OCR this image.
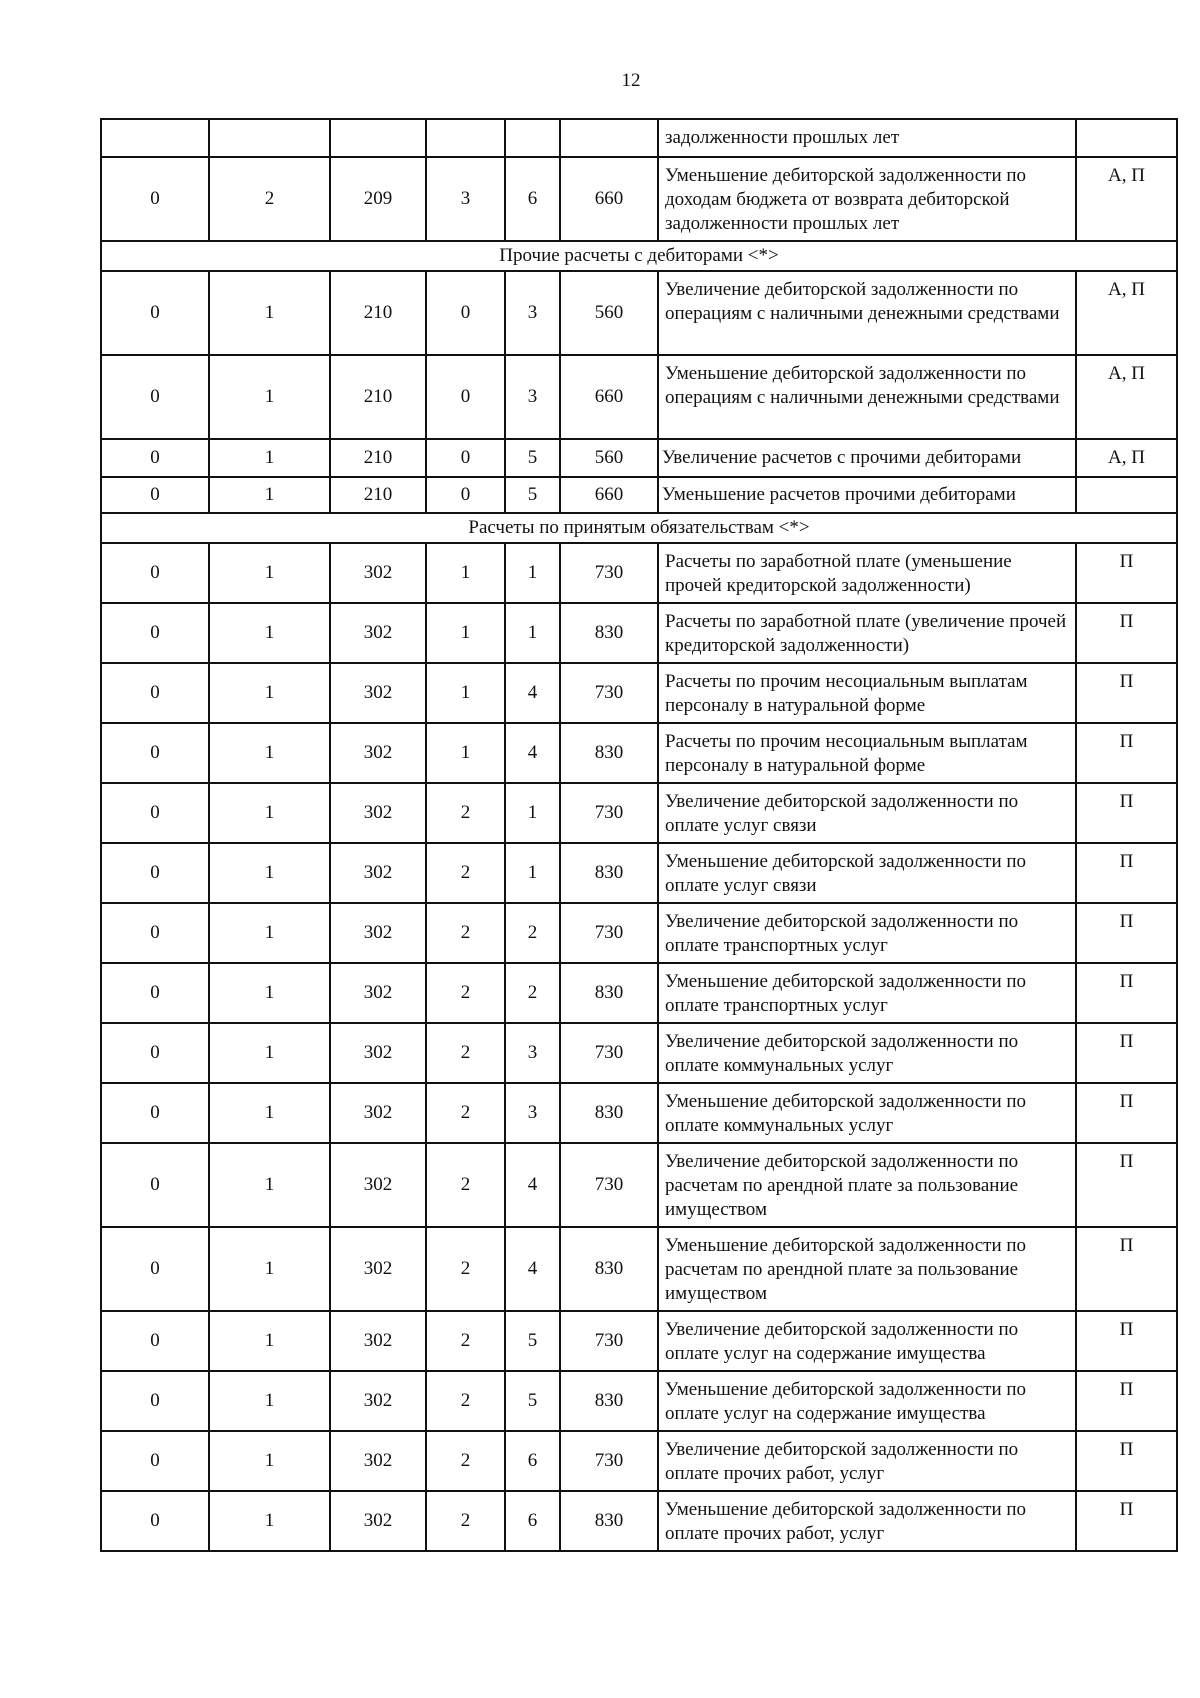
12
						задолженности прошлых лет	
0	2	209	3	6	660	Уменьшение дебиторской задолженности по доходам бюджета от возврата дебиторской задолженности прошлых лет	А, П
Прочие расчеты с дебиторами <*>							
0	1	210	0	3	560	Увеличение дебиторской задолженности по операциям с наличными денежными средствами	А, П
0	1	210	0	3	660	Уменьшение дебиторской задолженности по операциям с наличными денежными средствами	А, П
0	1	210	0	5	560	Увеличение расчетов с прочими дебиторами	А, П
0	1	210	0	5	660	Уменьшение расчетов прочими дебиторами	
Расчеты по принятым обязательствам <*>							
0	1	302	1	1	730	Расчеты по заработной плате (уменьшение прочей кредиторской задолженности)	П
0	1	302	1	1	830	Расчеты по заработной плате (увеличение прочей кредиторской задолженности)	П
0	1	302	1	4	730	Расчеты по прочим несоциальным выплатам персоналу в натуральной форме	П
0	1	302	1	4	830	Расчеты по прочим несоциальным выплатам персоналу в натуральной форме	П
0	1	302	2	1	730	Увеличение дебиторской задолженности по оплате услуг связи	П
0	1	302	2	1	830	Уменьшение дебиторской задолженности по оплате услуг связи	П
0	1	302	2	2	730	Увеличение дебиторской задолженности по оплате транспортных услуг	П
0	1	302	2	2	830	Уменьшение дебиторской задолженности по оплате транспортных услуг	П
0	1	302	2	3	730	Увеличение дебиторской задолженности по оплате коммунальных услуг	П
0	1	302	2	3	830	Уменьшение дебиторской задолженности по оплате коммунальных услуг	П
0	1	302	2	4	730	Увеличение дебиторской задолженности по расчетам по арендной плате за пользование имуществом	П
0	1	302	2	4	830	Уменьшение дебиторской задолженности по расчетам по арендной плате за пользование имуществом	П
0	1	302	2	5	730	Увеличение дебиторской задолженности по оплате услуг на содержание имущества	П
0	1	302	2	5	830	Уменьшение дебиторской задолженности по оплате услуг на содержание имущества	П
0	1	302	2	6	730	Увеличение дебиторской задолженности по оплате прочих работ, услуг	П
0	1	302	2	6	830	Уменьшение дебиторской задолженности по оплате прочих работ, услуг	П
